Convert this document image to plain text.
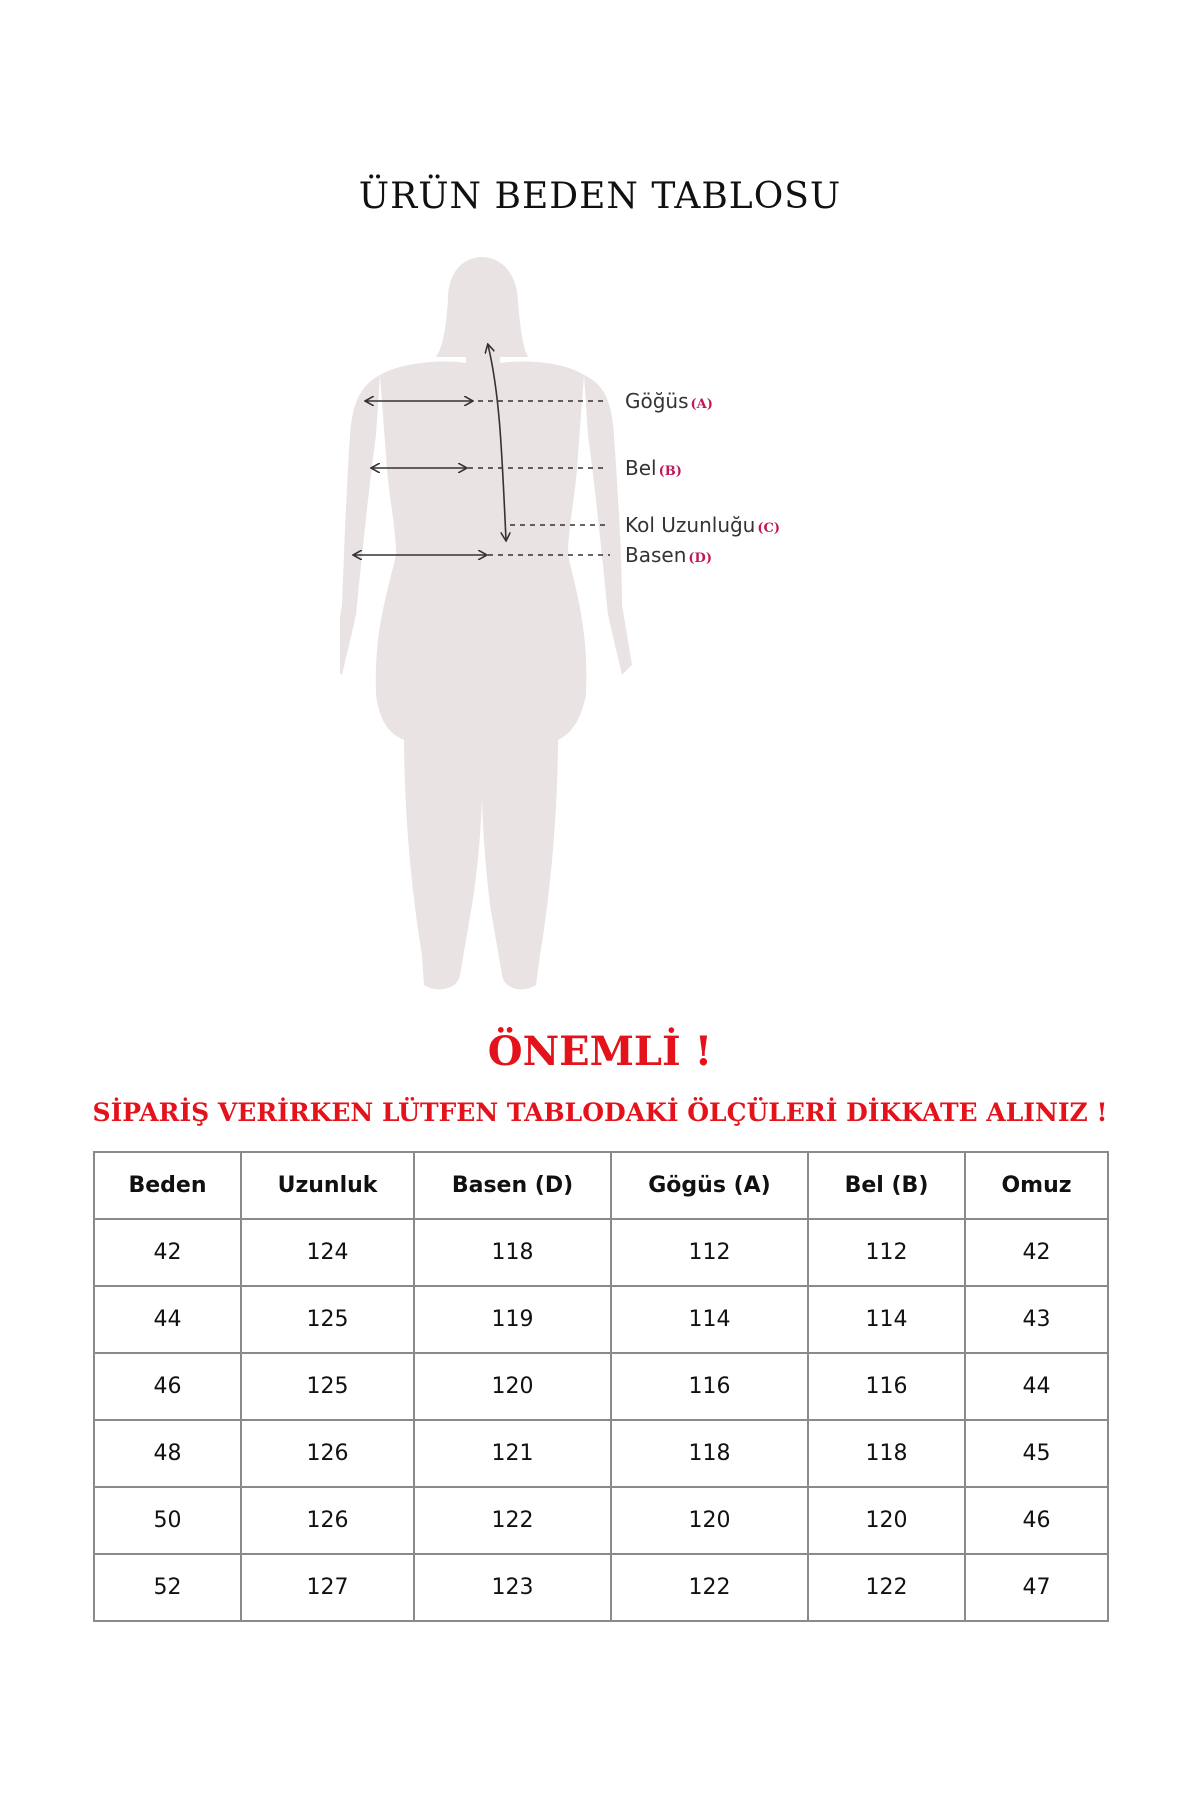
ÜRÜN BEDEN TABLOSU
Göğüs (A)
Bel (B)
Kol Uzunluğu (C)
Basen (D)
ÖNEMLİ !
SİPARİŞ VERİRKEN LÜTFEN TABLODAKİ ÖLÇÜLERİ DİKKATE ALINIZ !
Beden	Uzunluk	Basen (D)	Gögüs (A)	Bel (B)	Omuz
42	124	118	112	112	42
44	125	119	114	114	43
46	125	120	116	116	44
48	126	121	118	118	45
50	126	122	120	120	46
52	127	123	122	122	47
